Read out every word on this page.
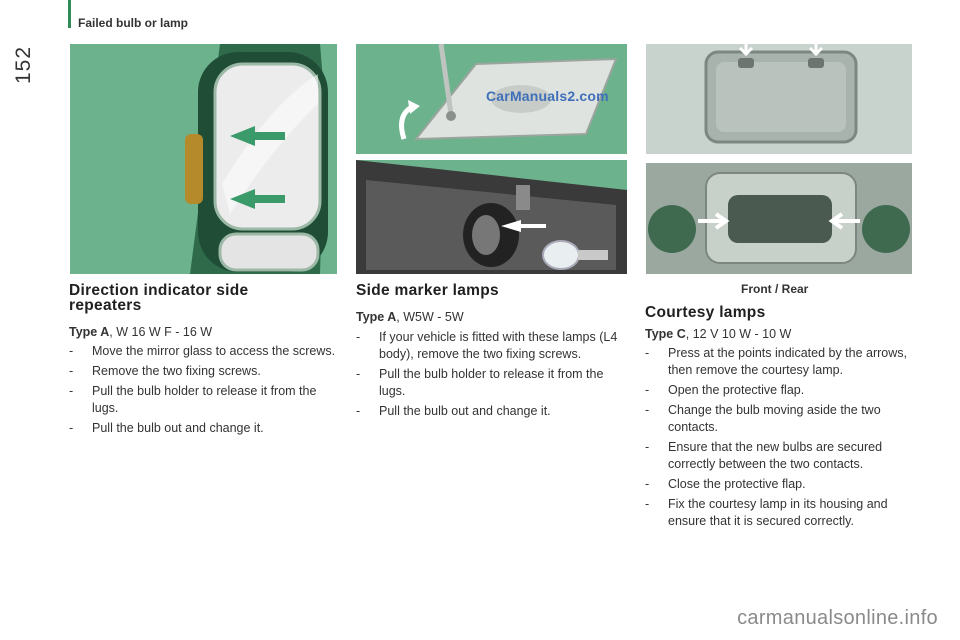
152
Failed bulb or lamp
CarManuals2.com
Direction indicator side repeaters
Type A, W 16 W F - 16 W
- Move the mirror glass to access the screws.
- Remove the two fixing screws.
- Pull the bulb holder to release it from the lugs.
- Pull the bulb out and change it.
Side marker lamps
Type A, W5W - 5W
- If your vehicle is fitted with these lamps (L4 body), remove the two fixing screws.
- Pull the bulb holder to release it from the lugs.
- Pull the bulb out and change it.
Front / Rear
Courtesy lamps
Type C, 12 V 10 W - 10 W
- Press at the points indicated by the arrows, then remove the courtesy lamp.
- Open the protective flap.
- Change the bulb moving aside the two contacts.
- Ensure that the new bulbs are secured correctly between the two contacts.
- Close the protective flap.
- Fix the courtesy lamp in its housing and ensure that it is secured correctly.
carmanualsonline.info
